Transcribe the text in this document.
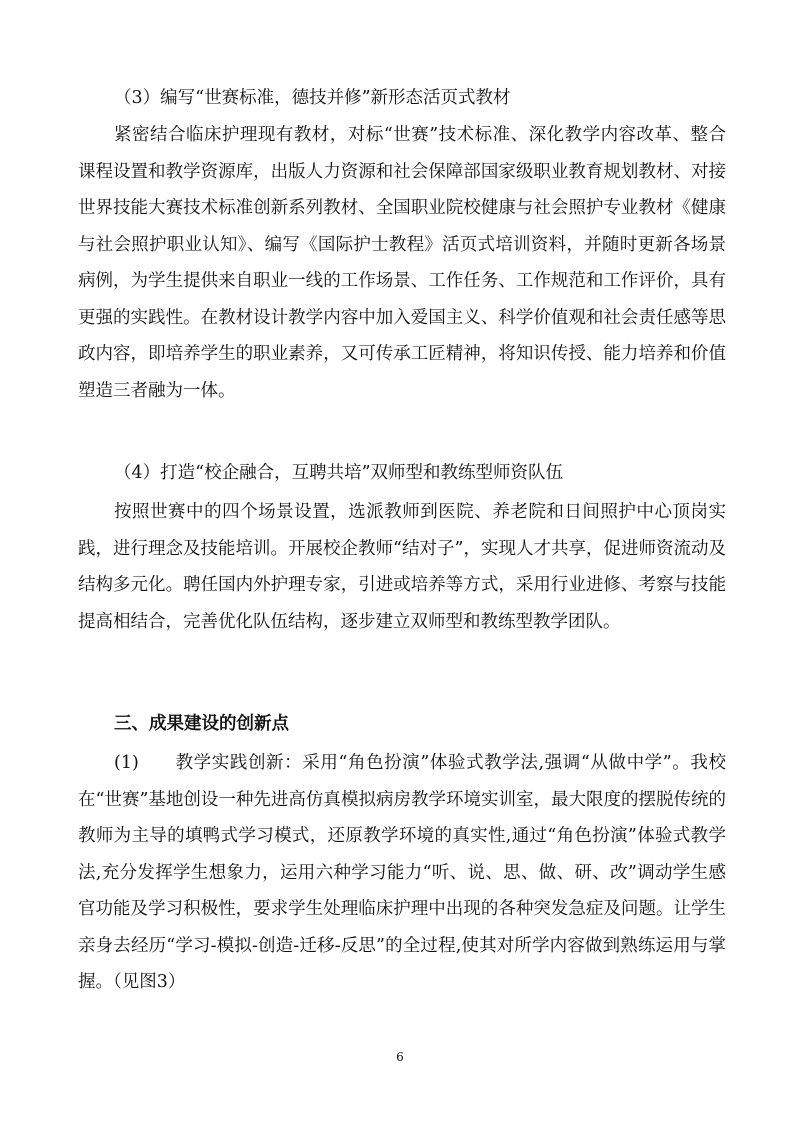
（3）编写“世赛标准，德技并修”新形态活页式教材

紧密结合临床护理现有教材，对标“世赛”技术标准、深化教学内容改革、整合课程设置和教学资源库，出版人力资源和社会保障部国家级职业教育规划教材、对接世界技能大赛技术标准创新系列教材、全国职业院校健康与社会照护专业教材《健康与社会照护职业认知》、编写《国际护士教程》活页式培训资料，并随时更新各场景病例，为学生提供来自职业一线的工作场景、工作任务、工作规范和工作评价，具有更强的实践性。在教材设计教学内容中加入爱国主义、科学价值观和社会责任感等思政内容，即培养学生的职业素养，又可传承工匠精神，将知识传授、能力培养和价值塑造三者融为一体。

（4）打造“校企融合，互聘共培”双师型和教练型师资队伍

按照世赛中的四个场景设置，选派教师到医院、养老院和日间照护中心顶岗实践，进行理念及技能培训。开展校企教师“结对子”，实现人才共享，促进师资流动及结构多元化。聘任国内外护理专家，引进或培养等方式，采用行业进修、考察与技能提高相结合，完善优化队伍结构，逐步建立双师型和教练型教学团队。

三、成果建设的创新点

(1)　　教学实践创新：采用“角色扮演”体验式教学法,强调“从做中学”。我校在“世赛”基地创设一种先进高仿真模拟病房教学环境实训室，最大限度的摆脱传统的教师为主导的填鸭式学习模式，还原教学环境的真实性,通过“角色扮演”体验式教学法,充分发挥学生想象力，运用六种学习能力“听、说、思、做、研、改”调动学生感官功能及学习积极性，要求学生处理临床护理中出现的各种突发急症及问题。让学生亲身去经历“学习-模拟-创造-迁移-反思”的全过程,使其对所学内容做到熟练运用与掌握。（见图3）

6
